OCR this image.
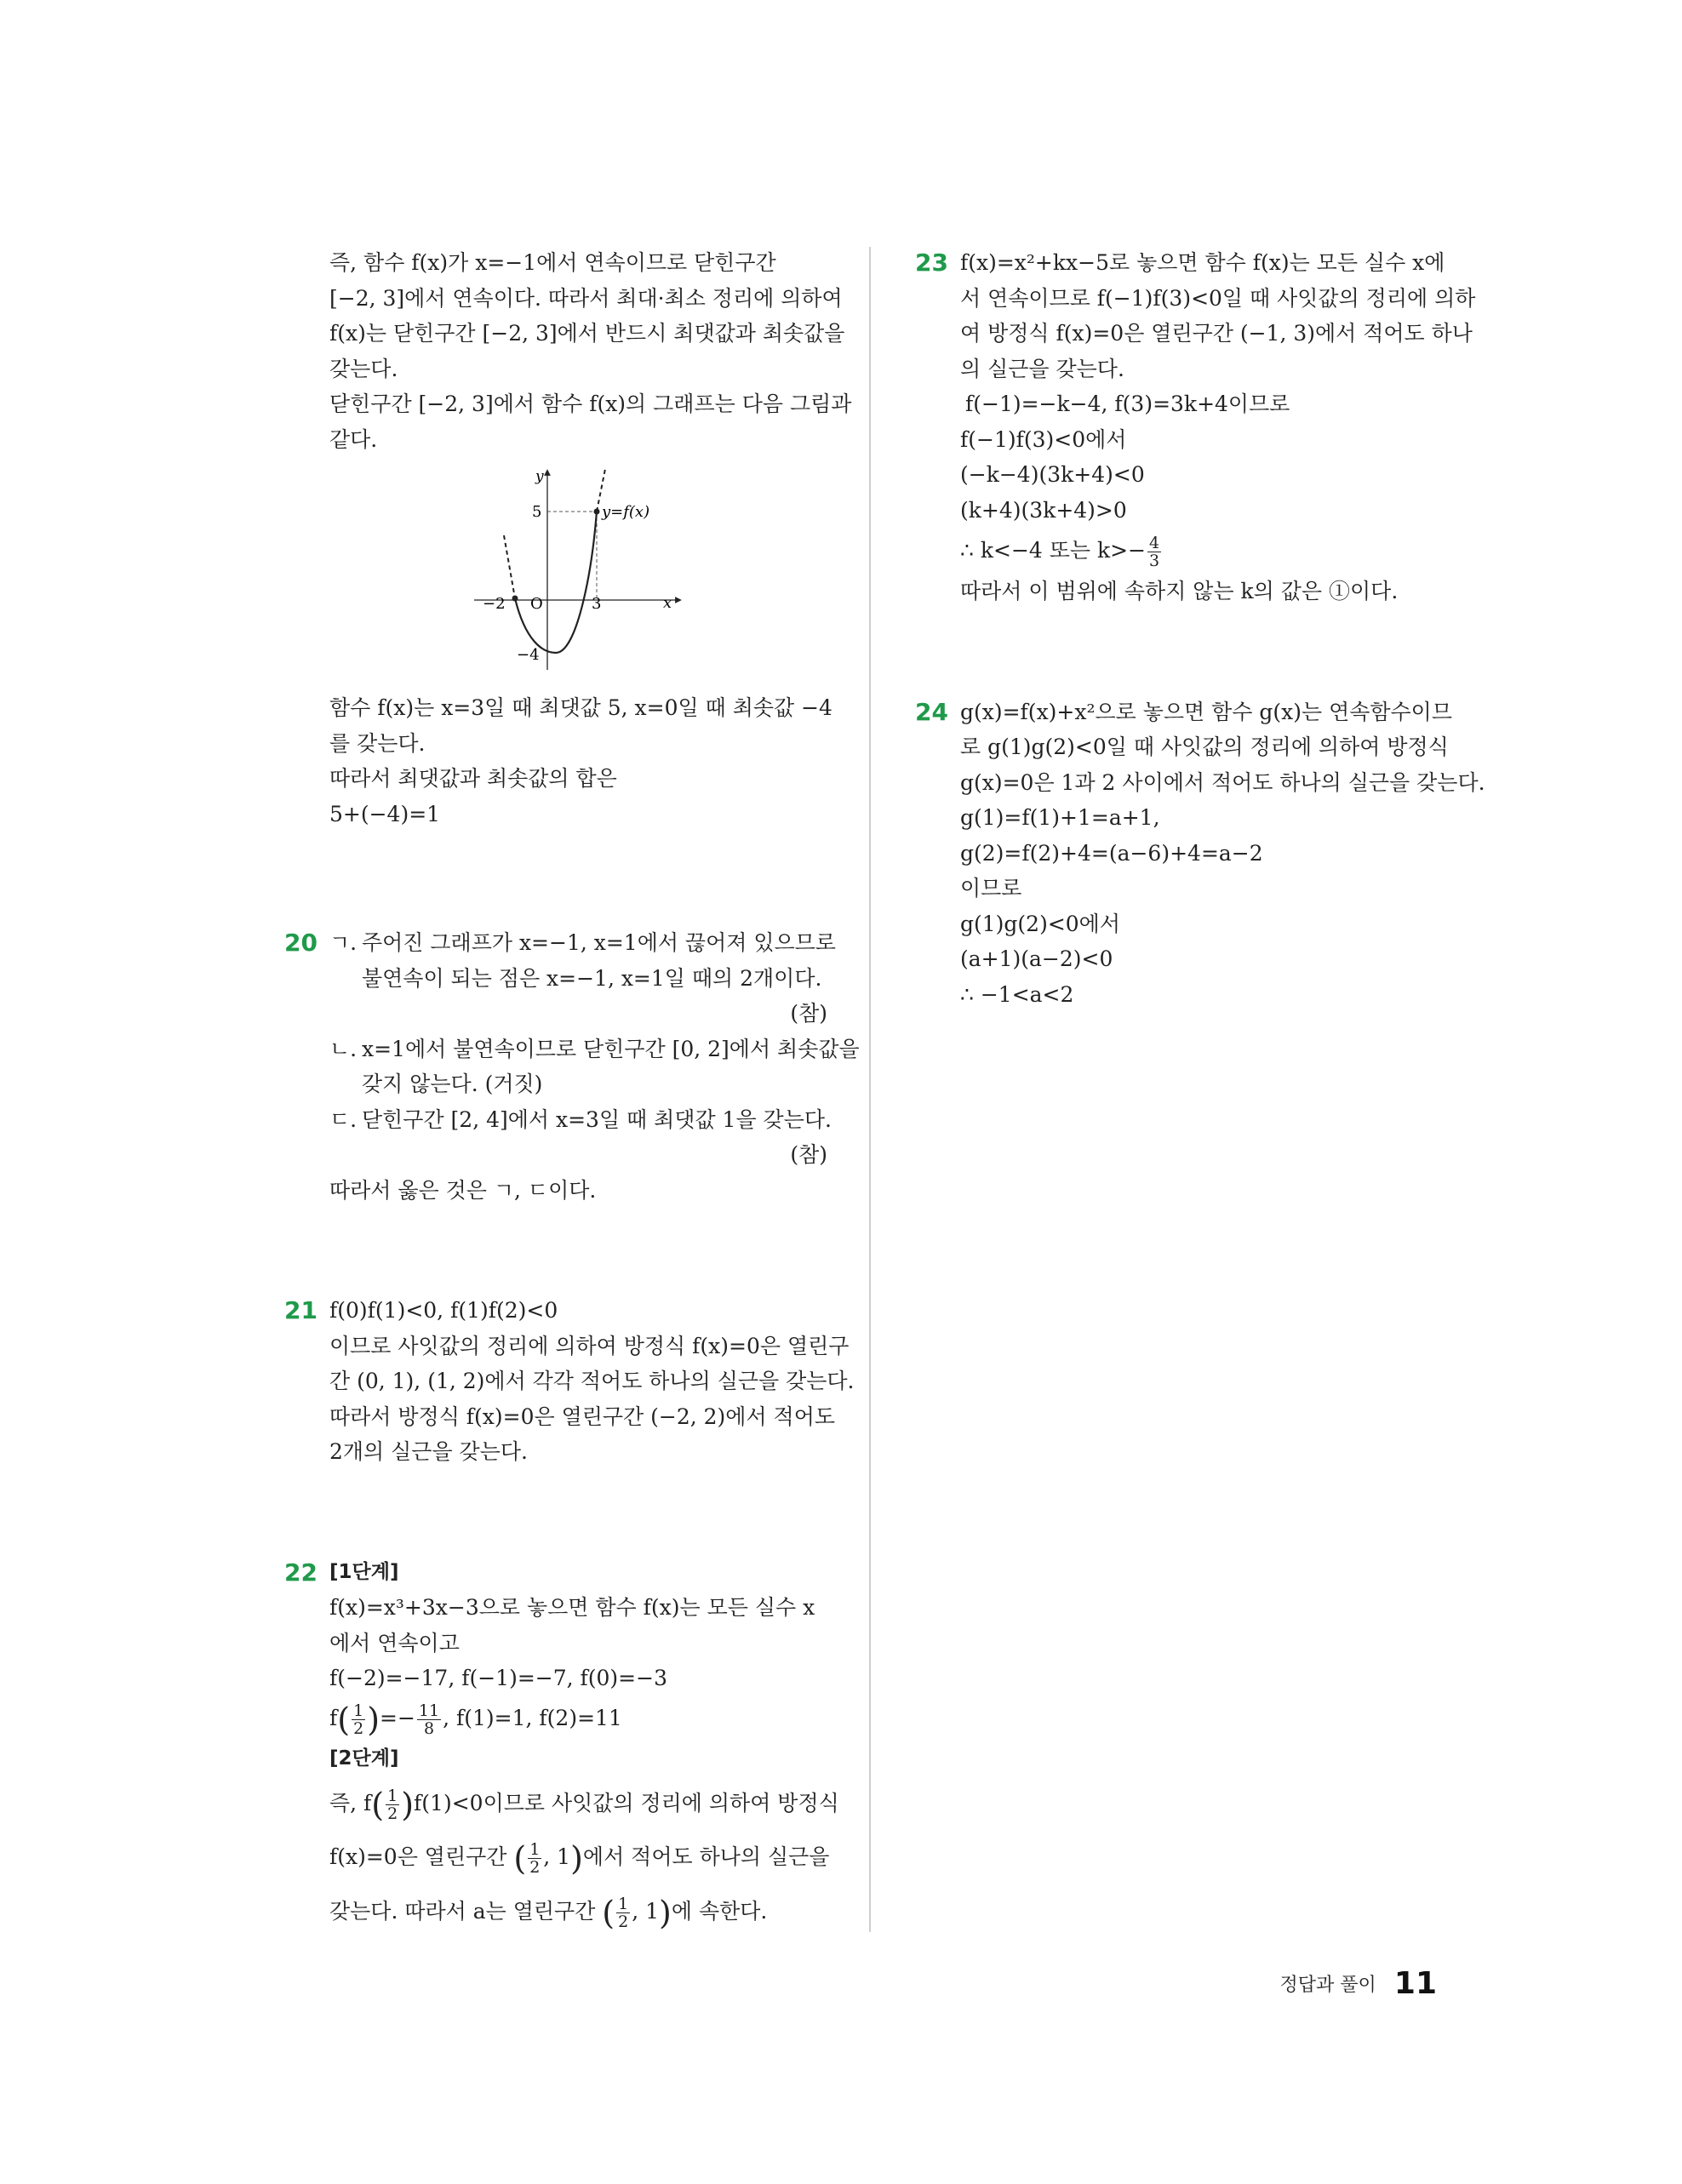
즉, 함수 f(x)가 x=−1에서 연속이므로 닫힌구간
[−2, 3]에서 연속이다. 따라서 최대·최소 정리에 의하여
f(x)는 닫힌구간 [−2, 3]에서 반드시 최댓값과 최솟값을
갖는다.
닫힌구간 [−2, 3]에서 함수 f(x)의 그래프는 다음 그림과
같다.
y
x
O
−2	3
5
−4
y=f(x)
함수 f(x)는 x=3일 때 최댓값 5, x=0일 때 최솟값 −4
를 갖는다.
따라서 최댓값과 최솟값의 합은
5+(−4)=1
20 ㄱ. 주어진 그래프가 x=−1, x=1에서 끊어져 있으므로
불연속이 되는 점은 x=−1, x=1일 때의 2개이다.
(참)
ㄴ. x=1에서 불연속이므로 닫힌구간 [0, 2]에서 최솟값을
갖지 않는다. (거짓)
ㄷ. 닫힌구간 [2, 4]에서 x=3일 때 최댓값 1을 갖는다.
(참)
따라서 옳은 것은 ㄱ, ㄷ이다.
21 f(0)f(1)<0, f(1)f(2)<0
이므로 사잇값의 정리에 의하여 방정식 f(x)=0은 열린구
간 (0, 1), (1, 2)에서 각각 적어도 하나의 실근을 갖는다.
따라서 방정식 f(x)=0은 열린구간 (−2, 2)에서 적어도
2개의 실근을 갖는다.
22 [1단계]
f(x)=x³+3x−3으로 놓으면 함수 f(x)는 모든 실수 x
에서 연속이고
f(−2)=−17, f(−1)=−7, f(0)=−3
$f( \frac{1}{2}$ )=− $\frac{11}{8}$ , f(1)=1, f(2)=11
[2단계]
즉, $f( \frac{1}{2} )f(1)<0$이므로 사잇값의 정리에 의하여 방정식
f(x)=0은 열린구간 ( $\frac{1}{2}$ , 1)에서 적어도 하나의 실근을
갖는다. 따라서 a는 열린구간 ( $\frac{1}{2}$ , 1)에 속한다.
23 f(x)=x²+kx−5로 놓으면 함수 f(x)는 모든 실수 x에
서 연속이므로 f(−1)f(3)<0일 때 사잇값의 정리에 의하
여 방정식 f(x)=0은 열린구간 (−1, 3)에서 적어도 하나
의 실근을 갖는다.
f(−1)=−k−4, f(3)=3k+4이므로
f(−1)f(3)<0에서
(−k−4)(3k+4)<0
(k+4)(3k+4)>0
∴ k<−4 또는 $k>- \frac{4}{3}$
따라서 이 범위에 속하지 않는 k의 값은 ①이다.
24 g(x)=f(x)+x²으로 놓으면 함수 g(x)는 연속함수이므
로 g(1)g(2)<0일 때 사잇값의 정리에 의하여 방정식
g(x)=0은 1과 2 사이에서 적어도 하나의 실근을 갖는다.
g(1)=f(1)+1=a+1,
g(2)=f(2)+4=(a−6)+4=a−2
이므로
g(1)g(2)<0에서
(a+1)(a−2)<0
∴ −1<a<2
정답과 풀이 11
